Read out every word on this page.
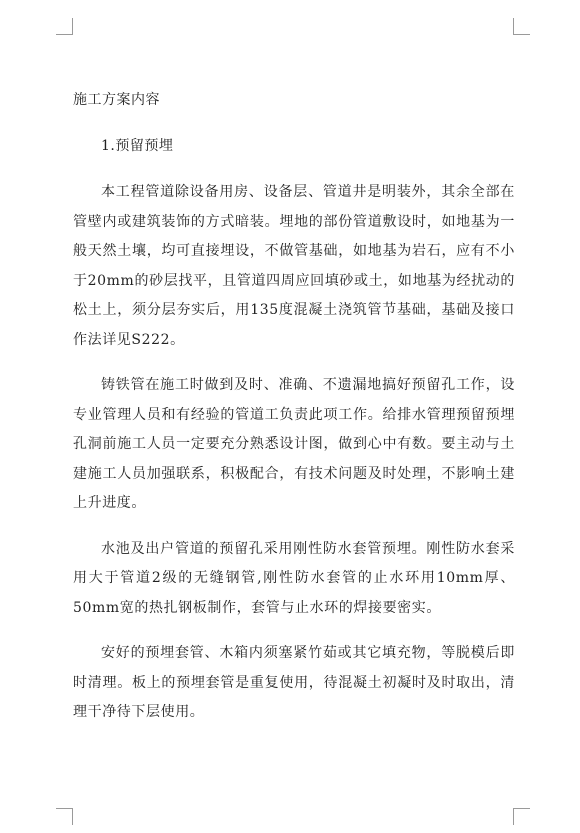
施工方案内容
1.预留预埋

本工程管道除设备用房、设备层、管道井是明装外，其余全部在管壁内或建筑装饰的方式暗装。埋地的部份管道敷设时，如地基为一般天然土壤，均可直接埋设，不做管基础，如地基为岩石，应有不小于20mm的砂层找平，且管道四周应回填砂或土，如地基为经扰动的松土上，须分层夯实后，用135度混凝土浇筑管节基础，基础及接口作法详见S222。

铸铁管在施工时做到及时、准确、不遗漏地搞好预留孔工作，设专业管理人员和有经验的管道工负责此项工作。给排水管理预留预埋孔洞前施工人员一定要充分熟悉设计图，做到心中有数。要主动与土建施工人员加强联系，积极配合，有技术问题及时处理，不影响土建上升进度。

水池及出户管道的预留孔采用刚性防水套管预埋。刚性防水套采用大于管道2级的无缝钢管,刚性防水套管的止水环用10mm厚、50mm宽的热扎钢板制作，套管与止水环的焊接要密实。

安好的预埋套管、木箱内须塞紧竹茹或其它填充物，等脱模后即时清理。板上的预埋套管是重复使用，待混凝土初凝时及时取出，清理干净待下层使用。
